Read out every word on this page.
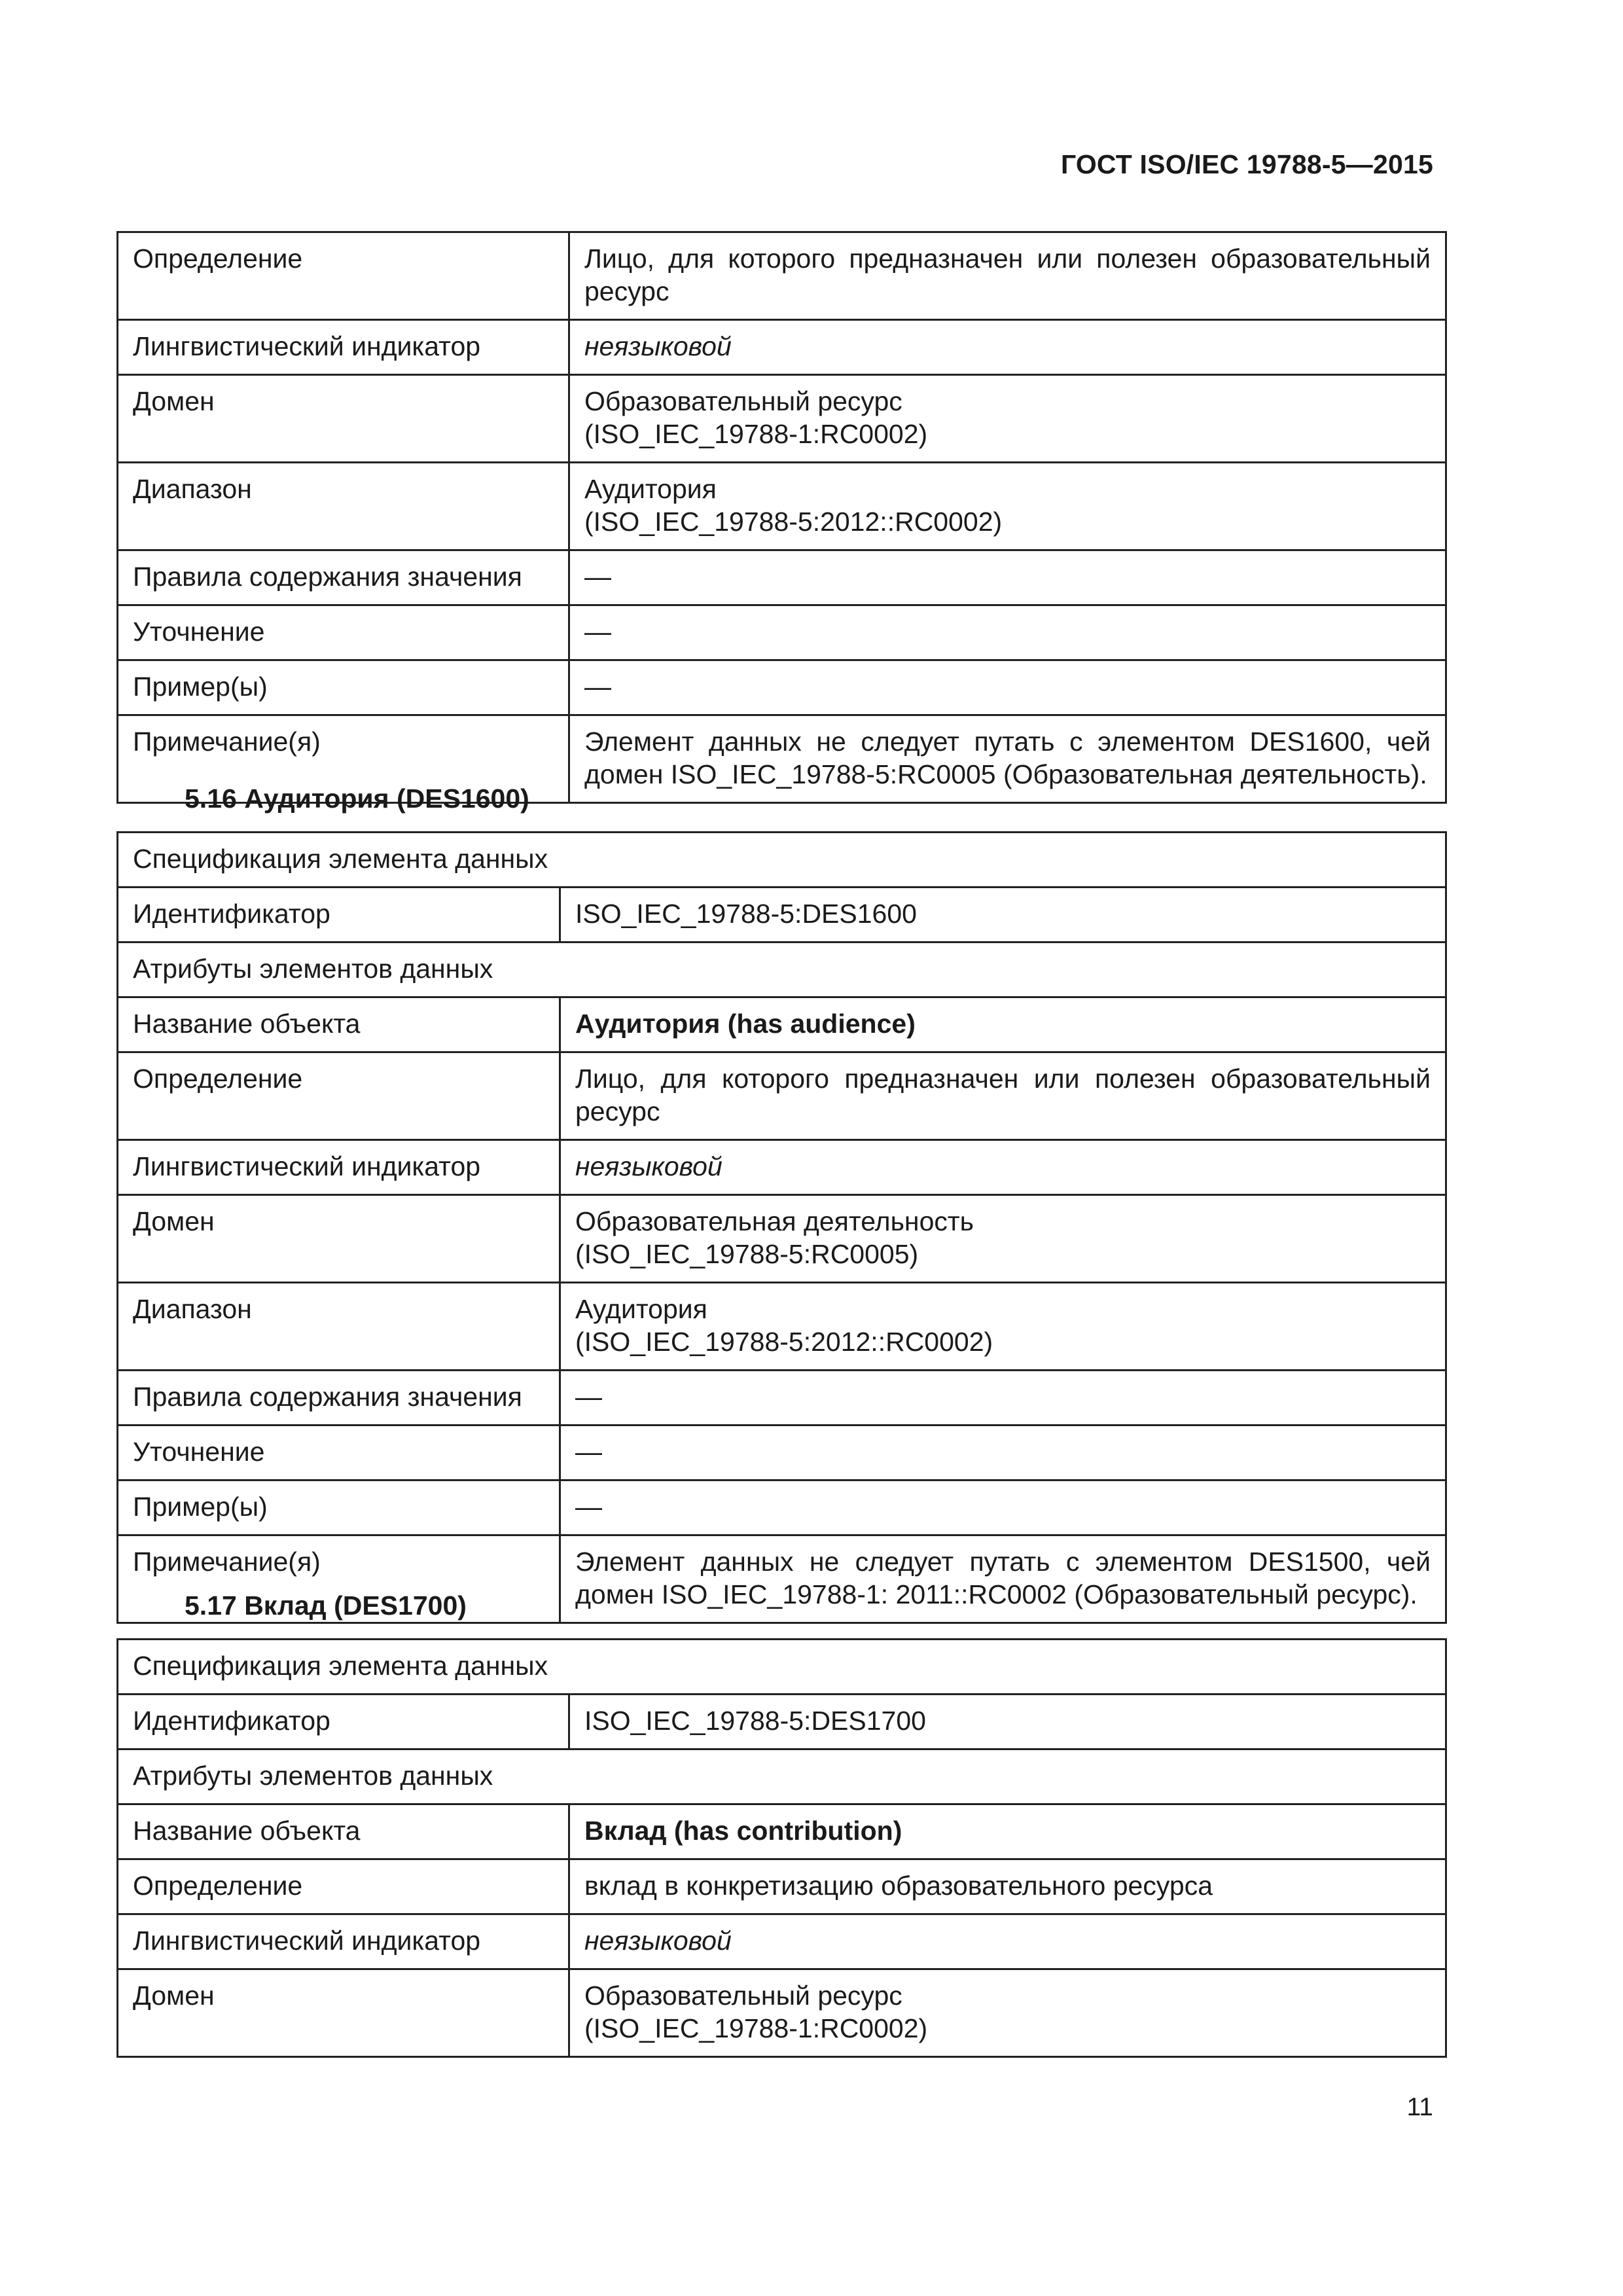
ГОСТ ISO/IEC 19788-5—2015
Определение	Лицо, для которого предназначен или полезен образовательный ресурс
Лингвистический индикатор	неязыковой
Домен	Образовательный ресурс
(ISO_IEC_19788-1:RC0002)
Диапазон	Аудитория
(ISO_IEC_19788-5:2012::RC0002)
Правила содержания значения	—
Уточнение	—
Пример(ы)	—
Примечание(я)	Элемент данных не следует путать с элементом DES1600, чей домен ISO_IEC_19788-5:RC0005 (Образовательная деятельность).
5.16 Аудитория (DES1600)
Спецификация элемента данных	
Идентификатор	ISO_IEC_19788-5:DES1600
Атрибуты элементов данных	
Название объекта	Аудитория (has audience)
Определение	Лицо, для которого предназначен или полезен образовательный ресурс
Лингвистический индикатор	неязыковой
Домен	Образовательная деятельность
(ISO_IEC_19788-5:RC0005)
Диапазон	Аудитория
(ISO_IEC_19788-5:2012::RC0002)
Правила содержания значения	—
Уточнение	—
Пример(ы)	—
Примечание(я)	Элемент данных не следует путать с элементом DES1500, чей домен ISO_IEC_19788-1: 2011::RC0002 (Образовательный ресурс).
5.17 Вклад (DES1700)
Спецификация элемента данных	
Идентификатор	ISO_IEC_19788-5:DES1700
Атрибуты элементов данных	
Название объекта	Вклад (has contribution)
Определение	вклад в конкретизацию образовательного ресурса
Лингвистический индикатор	неязыковой
Домен	Образовательный ресурс
(ISO_IEC_19788-1:RC0002)
11
